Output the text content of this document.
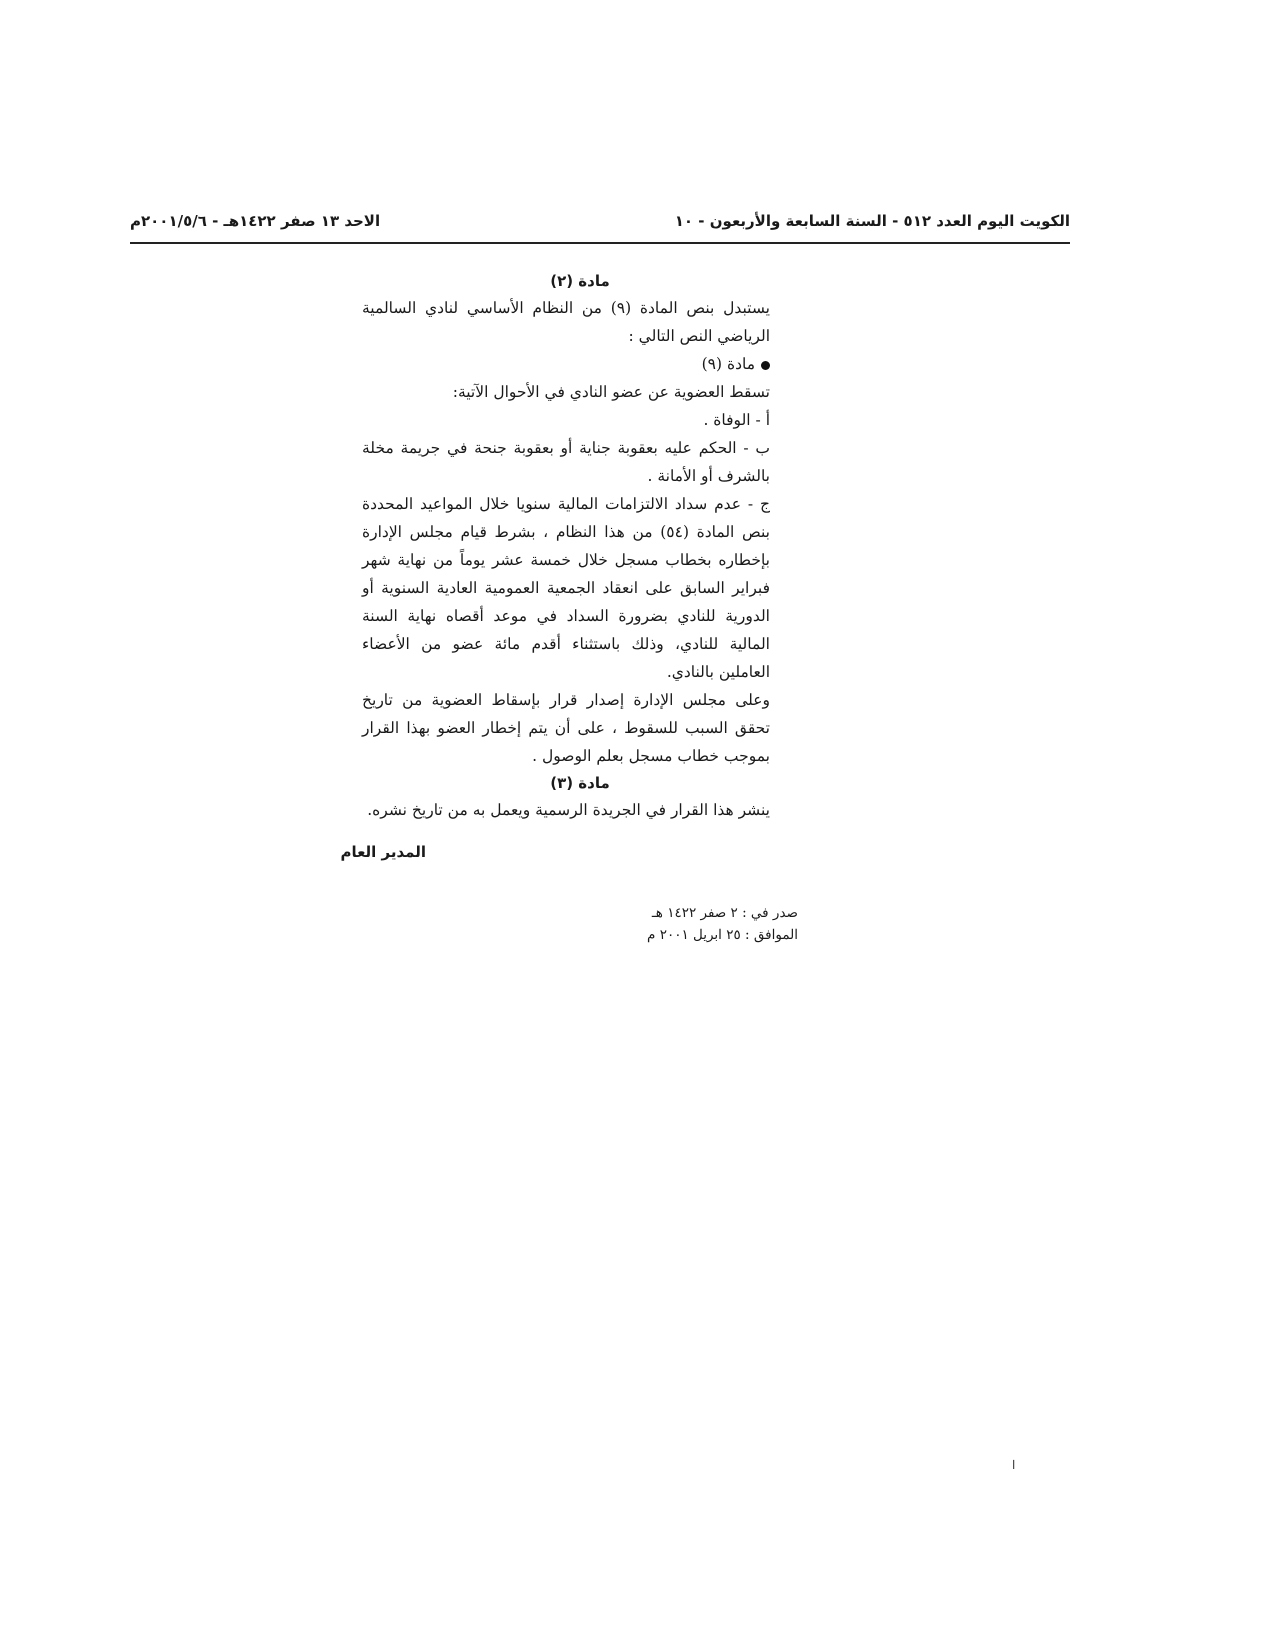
الكويت اليوم العدد ٥١٢ - السنة السابعة والأربعون - ١٠
الاحد ١٣ صفر ١٤٢٢هـ - ٢٠٠١/٥/٦م

مادة (٢)

يستبدل بنص المادة (٩) من النظام الأساسي لنادي السالمية الرياضي النص التالي :

مادة (٩)

تسقط العضوية عن عضو النادي في الأحوال الآتية:

أ - الوفاة .

ب - الحكم عليه بعقوبة جناية أو بعقوبة جنحة في جريمة مخلة بالشرف أو الأمانة .

ج - عدم سداد الالتزامات المالية سنويا خلال المواعيد المحددة بنص المادة (٥٤) من هذا النظام ، بشرط قيام مجلس الإدارة بإخطاره بخطاب مسجل خلال خمسة عشر يوماً من نهاية شهر فبراير السابق على انعقاد الجمعية العمومية العادية السنوية أو الدورية للنادي بضرورة السداد في موعد أقصاه نهاية السنة المالية للنادي، وذلك باستثناء أقدم مائة عضو من الأعضاء العاملين بالنادي.

وعلى مجلس الإدارة إصدار قرار بإسقاط العضوية من تاريخ تحقق السبب للسقوط ، على أن يتم إخطار العضو بهذا القرار بموجب خطاب مسجل بعلم الوصول .

مادة (٣)

ينشر هذا القرار في الجريدة الرسمية ويعمل به من تاريخ نشره.

المدير العام
صدر في : ٢ صفر ١٤٢٢ هـ
الموافق : ٢٥ ابريل ٢٠٠١ م
ا
